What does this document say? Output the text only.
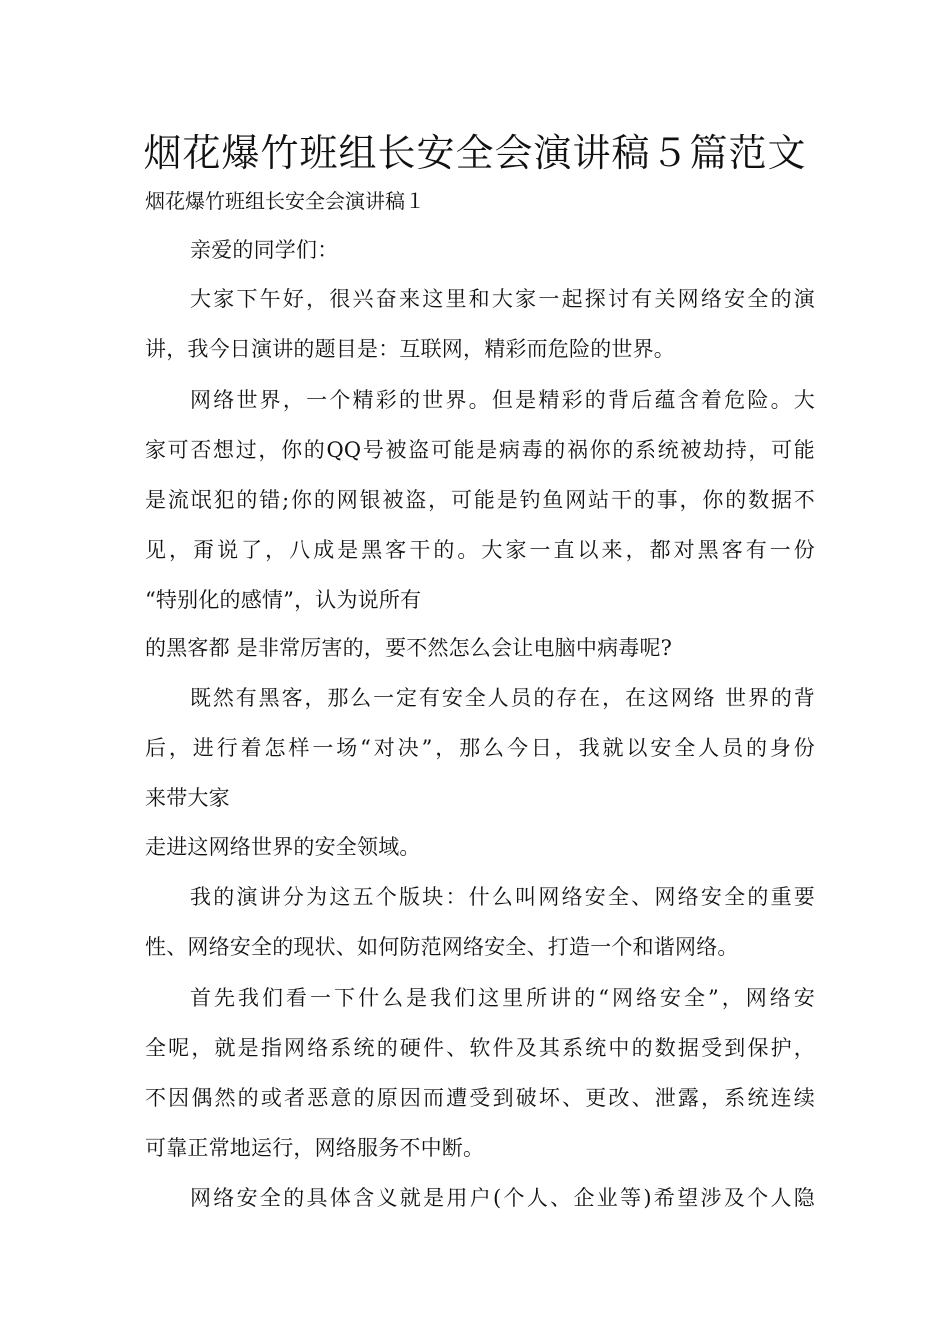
烟花爆竹班组长安全会演讲稿５篇范文

烟花爆竹班组长安全会演讲稿１

亲爱的同学们：

大家下午好，很兴奋来这里和大家一起探讨有关网络安全的演

讲，我今日演讲的题目是：互联网，精彩而危险的世界。

网络世界，一个精彩的世界。但是精彩的背后蕴含着危险。大

家可否想过，你的QQ号被盗可能是病毒的祸你的系统被劫持，可能

是流氓犯的错;你的网银被盗，可能是钓鱼网站干的事，你的数据不

见，甭说了，八成是黑客干的。大家一直以来，都对黑客有一份

“特别化的感情”，认为说所有

的黑客都 是非常厉害的，要不然怎么会让电脑中病毒呢?

既然有黑客，那么一定有安全人员的存在，在这网络 世界的背

后，进行着怎样一场“对决”，那么今日，我就以安全人员的身份

来带大家

走进这网络世界的安全领域。

我的演讲分为这五个版块：什么叫网络安全、网络安全的重要

性、网络安全的现状、如何防范网络安全、打造一个和谐网络。

首先我们看一下什么是我们这里所讲的“网络安全”，网络安

全呢，就是指网络系统的硬件、软件及其系统中的数据受到保护，

不因偶然的或者恶意的原因而遭受到破坏、更改、泄露，系统连续

可靠正常地运行，网络服务不中断。

网络安全的具体含义就是用户(个人、企业等)希望涉及个人隐
